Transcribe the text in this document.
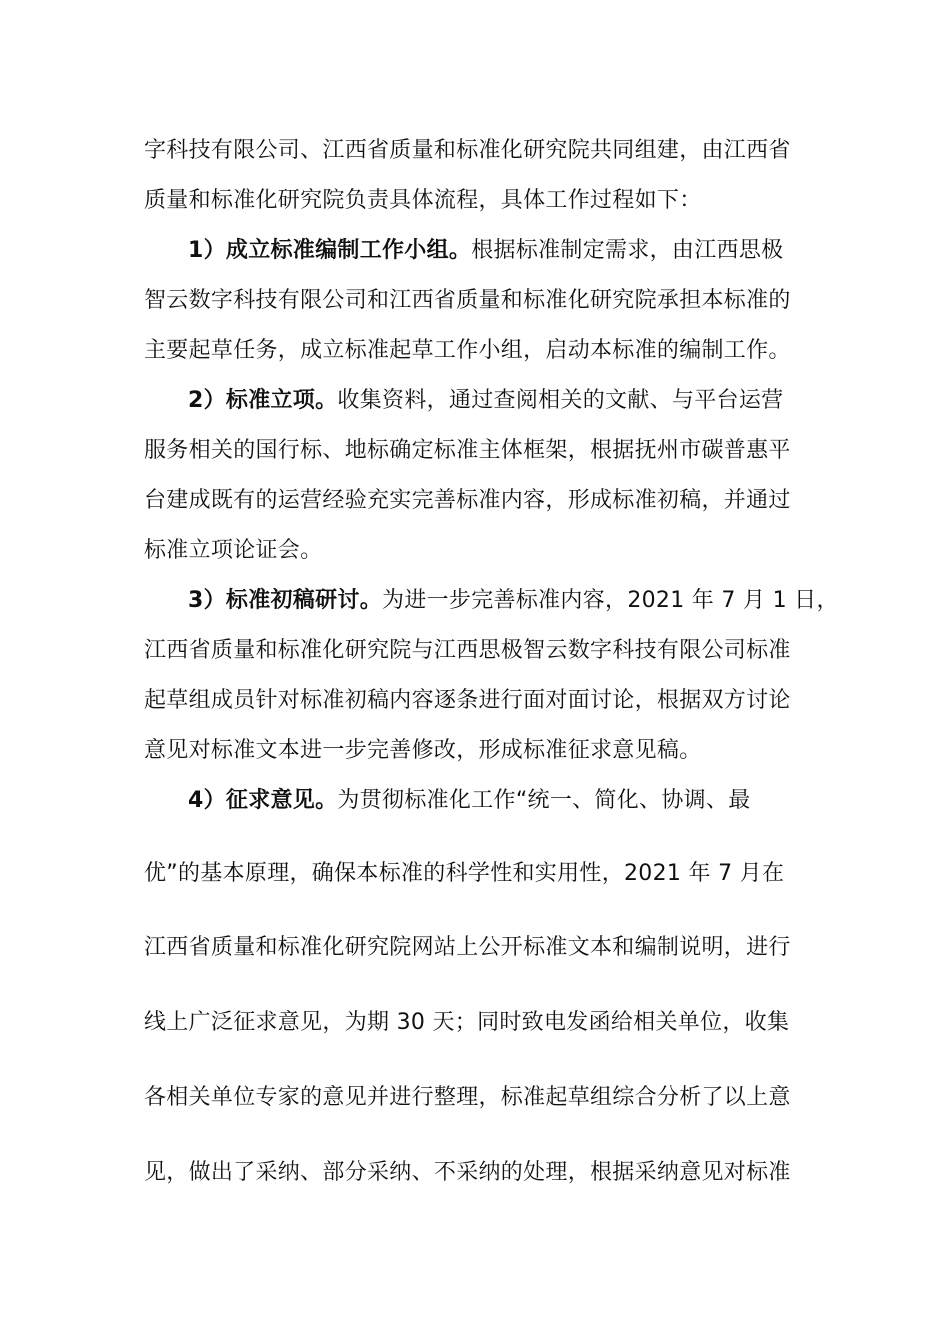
字科技有限公司、江西省质量和标准化研究院共同组建，由江西省
质量和标准化研究院负责具体流程，具体工作过程如下：
1）成立标准编制工作小组。根据标准制定需求，由江西思极
智云数字科技有限公司和江西省质量和标准化研究院承担本标准的
主要起草任务，成立标准起草工作小组，启动本标准的编制工作。
2）标准立项。收集资料，通过查阅相关的文献、与平台运营
服务相关的国行标、地标确定标准主体框架，根据抚州市碳普惠平
台建成既有的运营经验充实完善标准内容，形成标准初稿，并通过
标准立项论证会。
3）标准初稿研讨。为进一步完善标准内容，2021 年 7 月 1 日，
江西省质量和标准化研究院与江西思极智云数字科技有限公司标准
起草组成员针对标准初稿内容逐条进行面对面讨论，根据双方讨论
意见对标准文本进一步完善修改，形成标准征求意见稿。
4）征求意见。为贯彻标准化工作“统一、简化、协调、最
优”的基本原理，确保本标准的科学性和实用性，2021 年 7 月在
江西省质量和标准化研究院网站上公开标准文本和编制说明，进行
线上广泛征求意见，为期 30 天；同时致电发函给相关单位，收集
各相关单位专家的意见并进行整理，标准起草组综合分析了以上意
见，做出了采纳、部分采纳、不采纳的处理，根据采纳意见对标准
